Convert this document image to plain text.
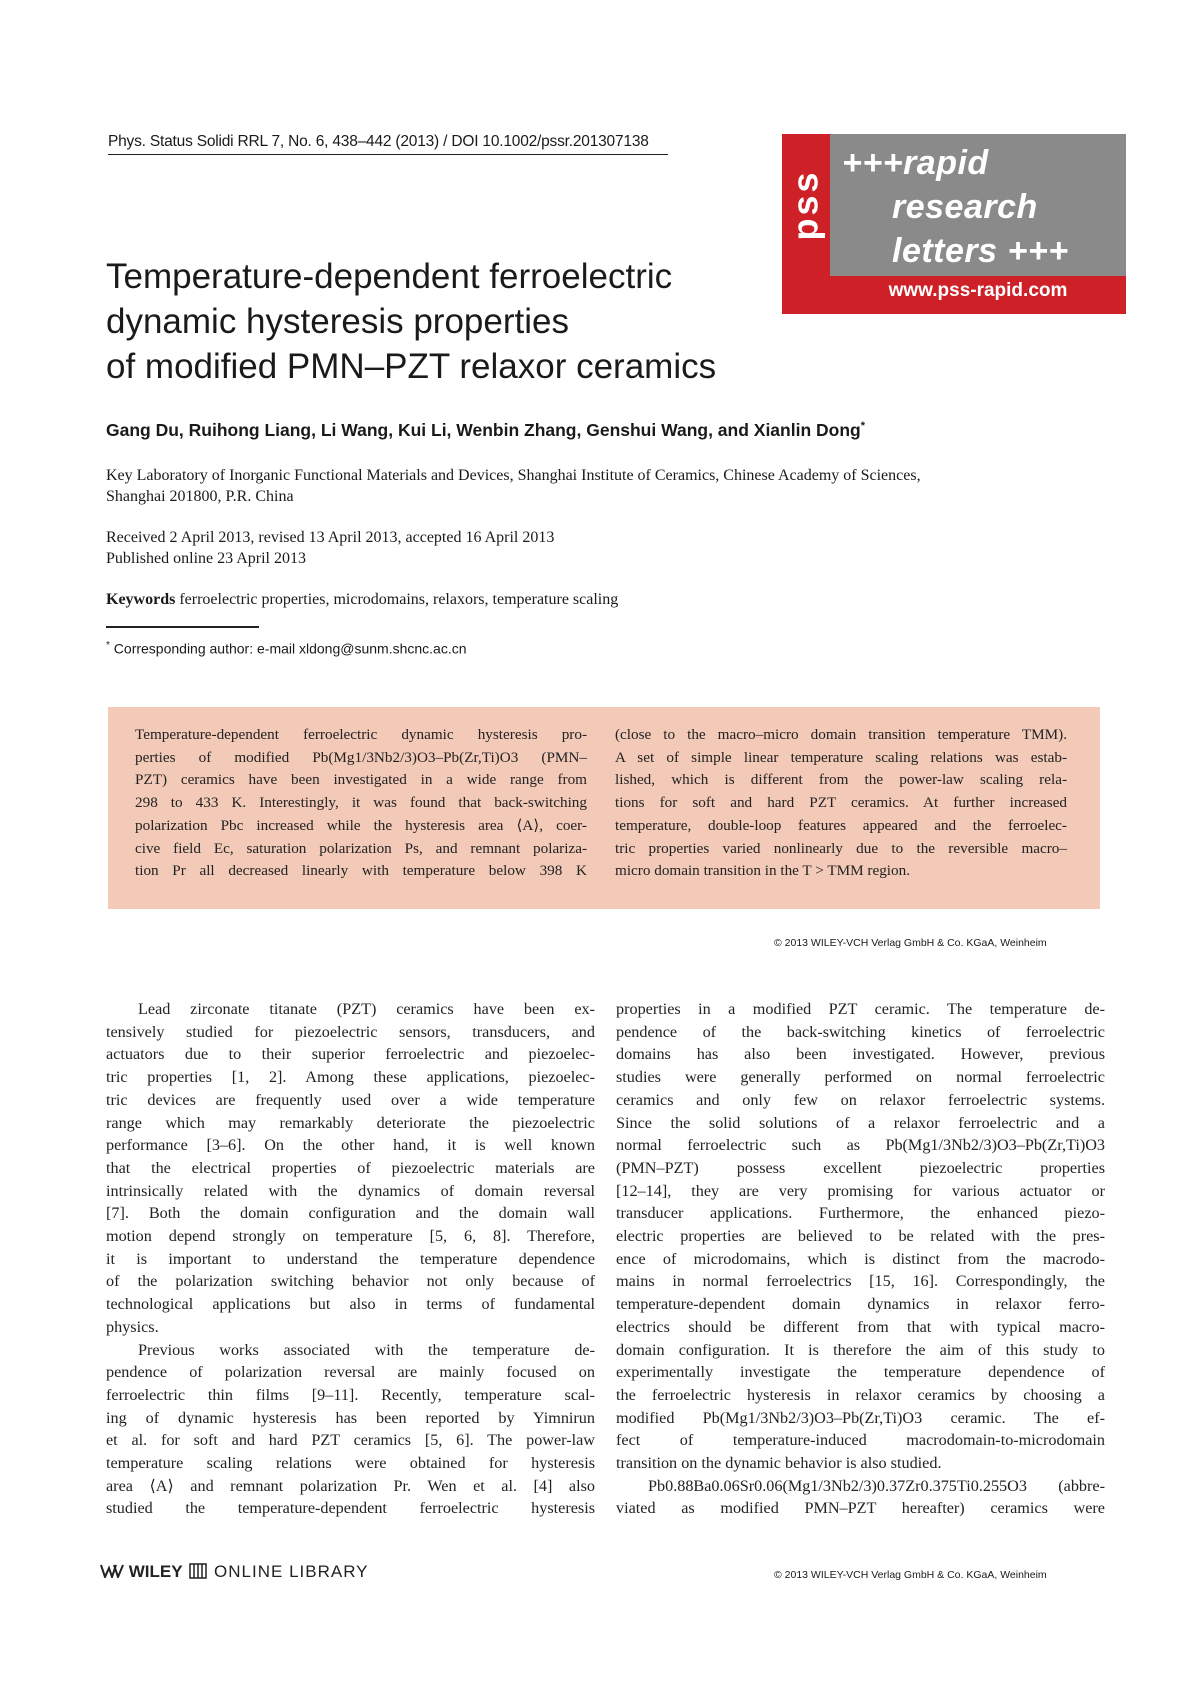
Phys. Status Solidi RRL 7, No. 6, 438–442 (2013) / DOI 10.1002/pssr.201307138
pss
+++rapid
research
letters +++
www.pss-rapid.com
Temperature-dependent ferroelectric
dynamic hysteresis properties
of modified PMN–PZT relaxor ceramics
Gang Du, Ruihong Liang, Li Wang, Kui Li, Wenbin Zhang, Genshui Wang, and Xianlin Dong*
Key Laboratory of Inorganic Functional Materials and Devices, Shanghai Institute of Ceramics, Chinese Academy of Sciences,
Shanghai 201800, P.R. China
Received 2 April 2013, revised 13 April 2013, accepted 16 April 2013
Published online 23 April 2013
Keywords ferroelectric properties, microdomains, relaxors, temperature scaling
* Corresponding author: e-mail xldong@sunm.shcnc.ac.cn
Temperature-dependent ferroelectric dynamic hysteresis pro-
perties of modified Pb(Mg1/3Nb2/3)O3–Pb(Zr,Ti)O3 (PMN–
PZT) ceramics have been investigated in a wide range from
298 to 433 K. Interestingly, it was found that back-switching
polarization Pbc increased while the hysteresis area ⟨A⟩, coer-
cive field Ec, saturation polarization Ps, and remnant polariza-
tion Pr all decreased linearly with temperature below 398 K
(close to the macro–micro domain transition temperature TMM).
A set of simple linear temperature scaling relations was estab-
lished, which is different from the power-law scaling rela-
tions for soft and hard PZT ceramics. At further increased
temperature, double-loop features appeared and the ferroelec-
tric properties varied nonlinearly due to the reversible macro–
micro domain transition in the T > TMM region.
© 2013 WILEY-VCH Verlag GmbH & Co. KGaA, Weinheim
Lead zirconate titanate (PZT) ceramics have been ex-
tensively studied for piezoelectric sensors, transducers, and
actuators due to their superior ferroelectric and piezoelec-
tric properties [1, 2]. Among these applications, piezoelec-
tric devices are frequently used over a wide temperature
range which may remarkably deteriorate the piezoelectric
performance [3–6]. On the other hand, it is well known
that the electrical properties of piezoelectric materials are
intrinsically related with the dynamics of domain reversal
[7]. Both the domain configuration and the domain wall
motion depend strongly on temperature [5, 6, 8]. Therefore,
it is important to understand the temperature dependence
of the polarization switching behavior not only because of
technological applications but also in terms of fundamental
physics.
Previous works associated with the temperature de-
pendence of polarization reversal are mainly focused on
ferroelectric thin films [9–11]. Recently, temperature scal-
ing of dynamic hysteresis has been reported by Yimnirun
et al. for soft and hard PZT ceramics [5, 6]. The power-law
temperature scaling relations were obtained for hysteresis
area ⟨A⟩ and remnant polarization Pr. Wen et al. [4] also
studied the temperature-dependent ferroelectric hysteresis
properties in a modified PZT ceramic. The temperature de-
pendence of the back-switching kinetics of ferroelectric
domains has also been investigated. However, previous
studies were generally performed on normal ferroelectric
ceramics and only few on relaxor ferroelectric systems.
Since the solid solutions of a relaxor ferroelectric and a
normal ferroelectric such as Pb(Mg1/3Nb2/3)O3–Pb(Zr,Ti)O3
(PMN–PZT) possess excellent piezoelectric properties
[12–14], they are very promising for various actuator or
transducer applications. Furthermore, the enhanced piezo-
electric properties are believed to be related with the pres-
ence of microdomains, which is distinct from the macrodo-
mains in normal ferroelectrics [15, 16]. Correspondingly, the
temperature-dependent domain dynamics in relaxor ferro-
electrics should be different from that with typical macro-
domain configuration. It is therefore the aim of this study to
experimentally investigate the temperature dependence of
the ferroelectric hysteresis in relaxor ceramics by choosing a
modified Pb(Mg1/3Nb2/3)O3–Pb(Zr,Ti)O3 ceramic. The ef-
fect of temperature-induced macrodomain-to-microdomain
transition on the dynamic behavior is also studied.
Pb0.88Ba0.06Sr0.06(Mg1/3Nb2/3)0.37Zr0.375Ti0.255O3 (abbre-
viated as modified PMN–PZT hereafter) ceramics were
WILEY ONLINE LIBRARY	© 2013 WILEY-VCH Verlag GmbH & Co. KGaA, Weinheim
